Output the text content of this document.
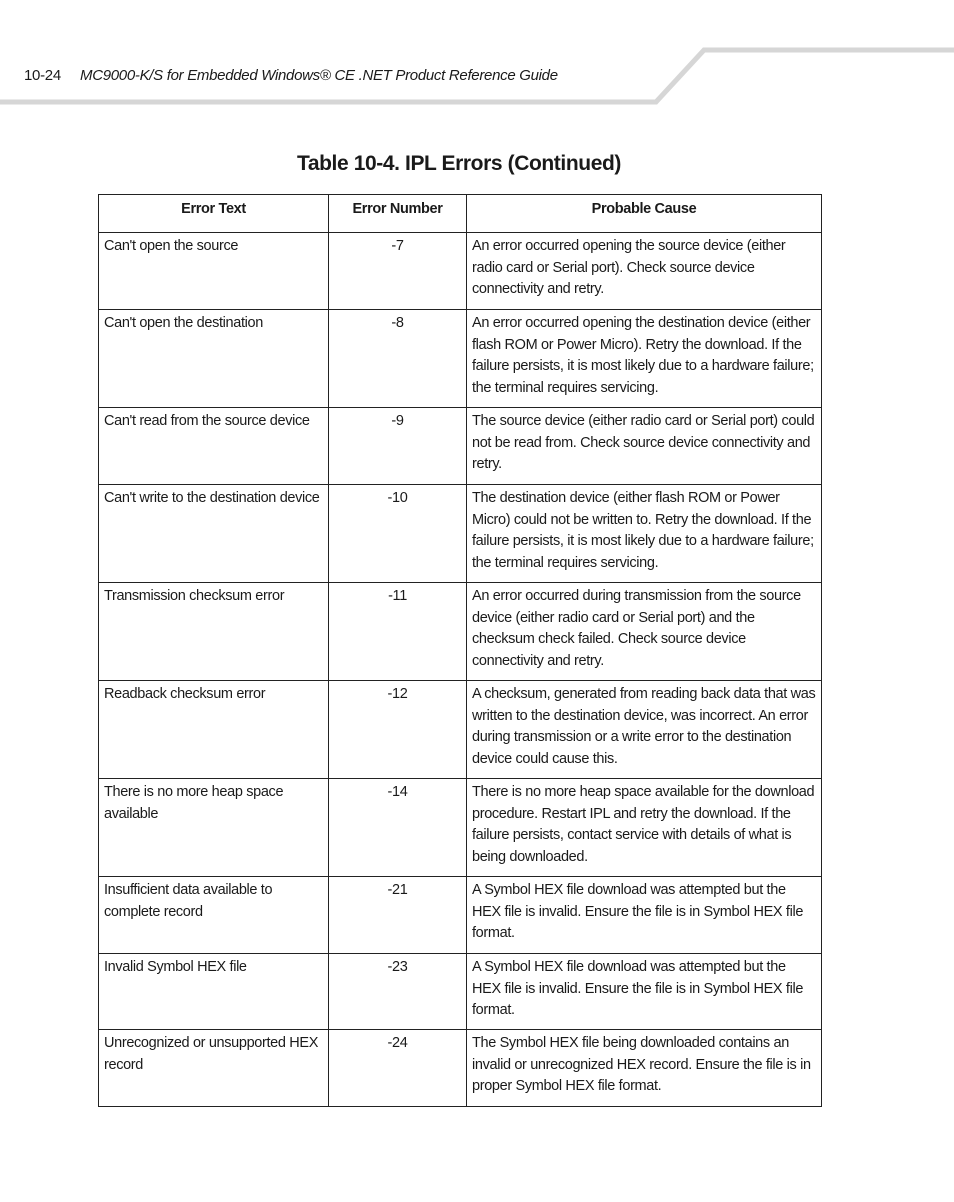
10-24 MC9000-K/S for Embedded Windows® CE .NET Product Reference Guide
Table 10-4. IPL Errors (Continued)
Error Text	Error Number	Probable Cause
Can't open the source	-7	An error occurred opening the source device (either radio card or Serial port). Check source device connectivity and retry.
Can't open the destination	-8	An error occurred opening the destination device (either flash ROM or Power Micro). Retry the download. If the failure persists, it is most likely due to a hardware failure; the terminal requires servicing.
Can't read from the source device	-9	The source device (either radio card or Serial port) could not be read from. Check source device connectivity and retry.
Can't write to the destination device	-10	The destination device (either flash ROM or Power Micro) could not be written to. Retry the download. If the failure persists, it is most likely due to a hardware failure; the terminal requires servicing.
Transmission checksum error	-11	An error occurred during transmission from the source device (either radio card or Serial port) and the checksum check failed. Check source device connectivity and retry.
Readback checksum error	-12	A checksum, generated from reading back data that was written to the destination device, was incorrect. An error during transmission or a write error to the destination device could cause this.
There is no more heap space available	-14	There is no more heap space available for the download procedure. Restart IPL and retry the download. If the failure persists, contact service with details of what is being downloaded.
Insufficient data available to complete record	-21	A Symbol HEX file download was attempted but the HEX file is invalid. Ensure the file is in Symbol HEX file format.
Invalid Symbol HEX file	-23	A Symbol HEX file download was attempted but the HEX file is invalid. Ensure the file is in Symbol HEX file format.
Unrecognized or unsupported HEX record	-24	The Symbol HEX file being downloaded contains an invalid or unrecognized HEX record. Ensure the file is in proper Symbol HEX file format.
